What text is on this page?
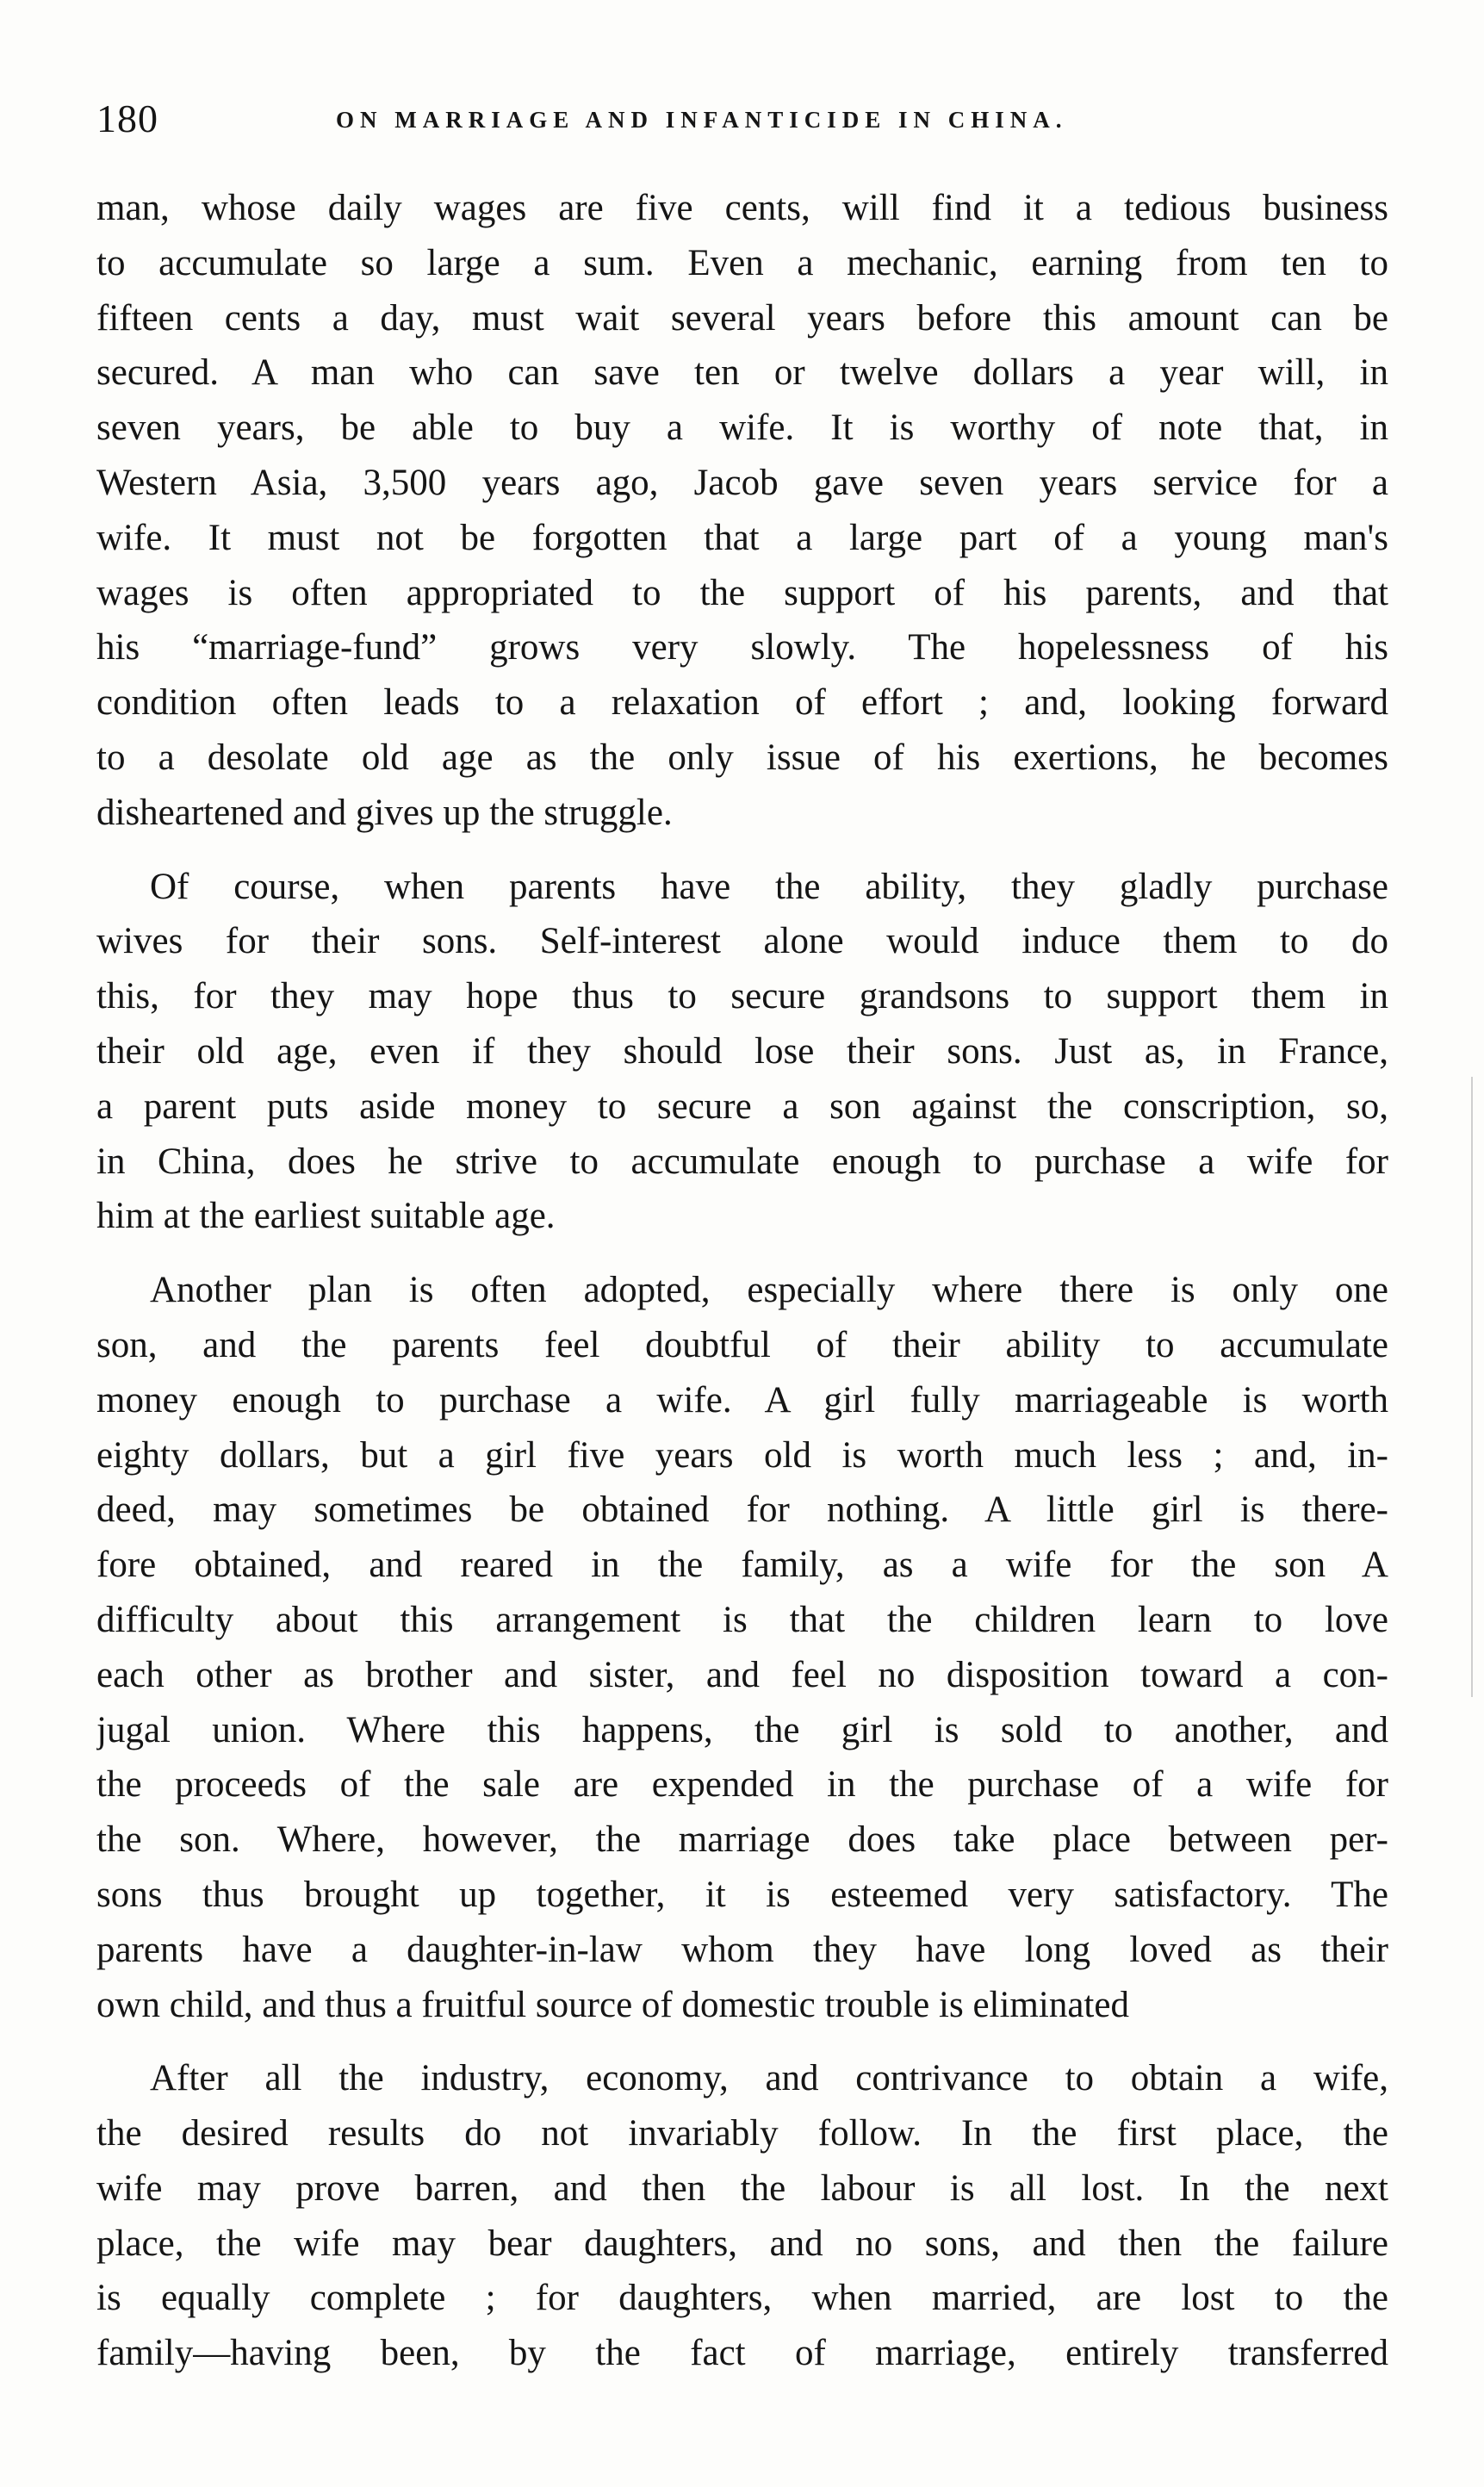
180	ON MARRIAGE AND INFANTICIDE IN CHINA.
man, whose daily wages are five cents, will find it a tedious business
to accumulate so large a sum. Even a mechanic, earning from ten to
fifteen cents a day, must wait several years before this amount can be
secured. A man who can save ten or twelve dollars a year will, in
seven years, be able to buy a wife. It is worthy of note that, in
Western Asia, 3,500 years ago, Jacob gave seven years service for a
wife. It must not be forgotten that a large part of a young man's
wages is often appropriated to the support of his parents, and that
his “marriage-fund” grows very slowly. The hopelessness of his
condition often leads to a relaxation of effort ; and, looking forward
to a desolate old age as the only issue of his exertions, he becomes
disheartened and gives up the struggle.
Of course, when parents have the ability, they gladly purchase
wives for their sons. Self-interest alone would induce them to do
this, for they may hope thus to secure grandsons to support them in
their old age, even if they should lose their sons. Just as, in France,
a parent puts aside money to secure a son against the conscription, so,
in China, does he strive to accumulate enough to purchase a wife for
him at the earliest suitable age.
Another plan is often adopted, especially where there is only one
son, and the parents feel doubtful of their ability to accumulate
money enough to purchase a wife. A girl fully marriageable is worth
eighty dollars, but a girl five years old is worth much less ; and, in-
deed, may sometimes be obtained for nothing. A little girl is there-
fore obtained, and reared in the family, as a wife for the son A
difficulty about this arrangement is that the children learn to love
each other as brother and sister, and feel no disposition toward a con-
jugal union. Where this happens, the girl is sold to another, and
the proceeds of the sale are expended in the purchase of a wife for
the son. Where, however, the marriage does take place between per-
sons thus brought up together, it is esteemed very satisfactory. The
parents have a daughter-in-law whom they have long loved as their
own child, and thus a fruitful source of domestic trouble is eliminated
After all the industry, economy, and contrivance to obtain a wife,
the desired results do not invariably follow. In the first place, the
wife may prove barren, and then the labour is all lost. In the next
place, the wife may bear daughters, and no sons, and then the failure
is equally complete ; for daughters, when married, are lost to the
family—having been, by the fact of marriage, entirely transferred
